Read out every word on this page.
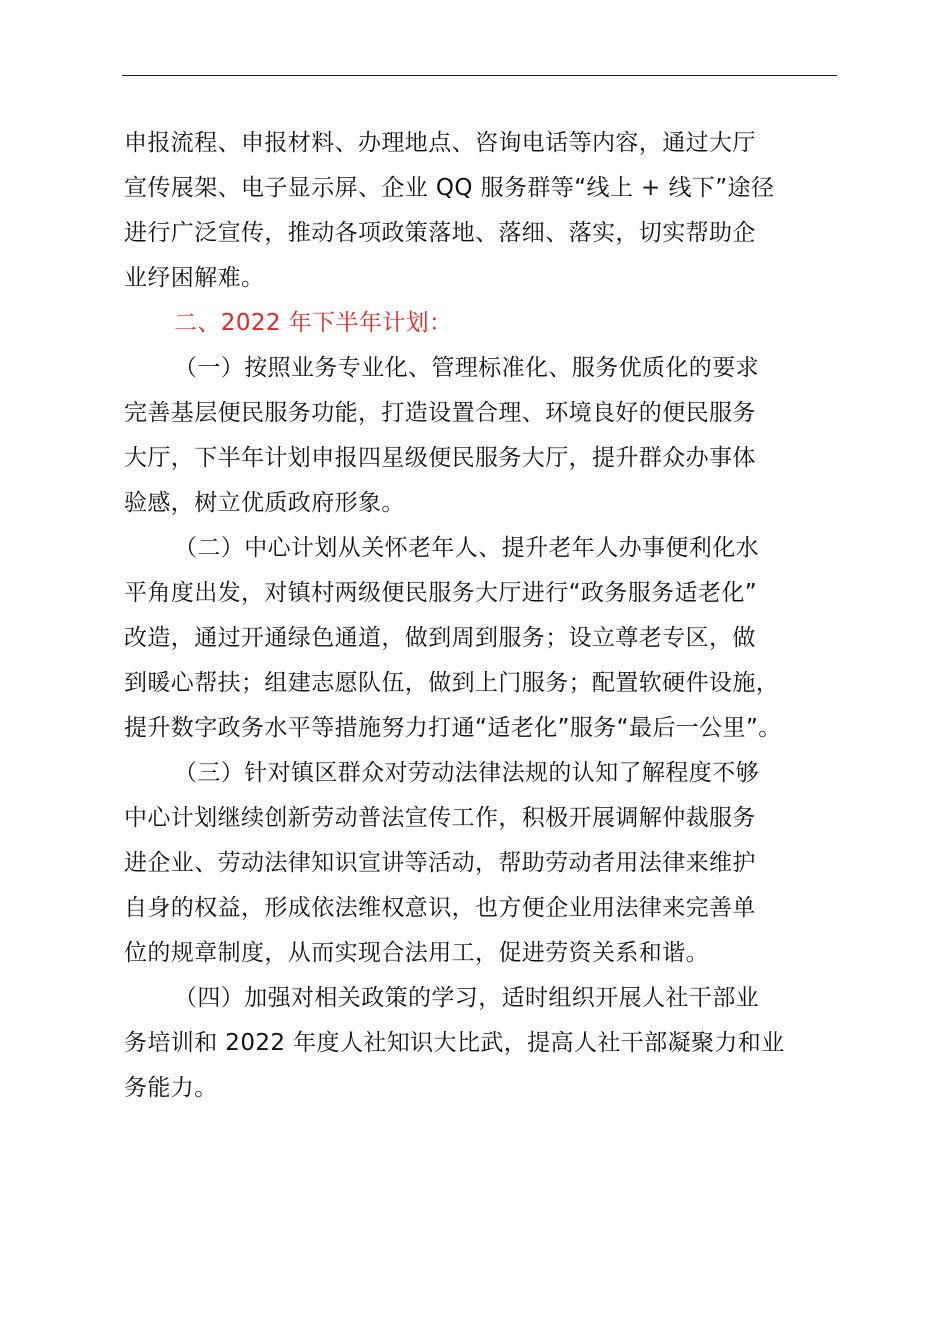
申报流程、申报材料、办理地点、咨询电话等内容，通过大厅
宣传展架、电子显示屏、企业 QQ 服务群等“线上 + 线下”途径
进行广泛宣传，推动各项政策落地、落细、落实，切实帮助企
业纾困解难。
二、2022 年下半年计划：
（一）按照业务专业化、管理标准化、服务优质化的要求
完善基层便民服务功能，打造设置合理、环境良好的便民服务
大厅，下半年计划申报四星级便民服务大厅，提升群众办事体
验感，树立优质政府形象。
（二）中心计划从关怀老年人、提升老年人办事便利化水
平角度出发，对镇村两级便民服务大厅进行“政务服务适老化”
改造，通过开通绿色通道，做到周到服务；设立尊老专区，做
到暖心帮扶；组建志愿队伍，做到上门服务；配置软硬件设施，
提升数字政务水平等措施努力打通“适老化”服务“最后一公里”。
（三）针对镇区群众对劳动法律法规的认知了解程度不够
中心计划继续创新劳动普法宣传工作，积极开展调解仲裁服务
进企业、劳动法律知识宣讲等活动，帮助劳动者用法律来维护
自身的权益，形成依法维权意识，也方便企业用法律来完善单
位的规章制度，从而实现合法用工，促进劳资关系和谐。
（四）加强对相关政策的学习，适时组织开展人社干部业
务培训和 2022 年度人社知识大比武，提高人社干部凝聚力和业
务能力。
